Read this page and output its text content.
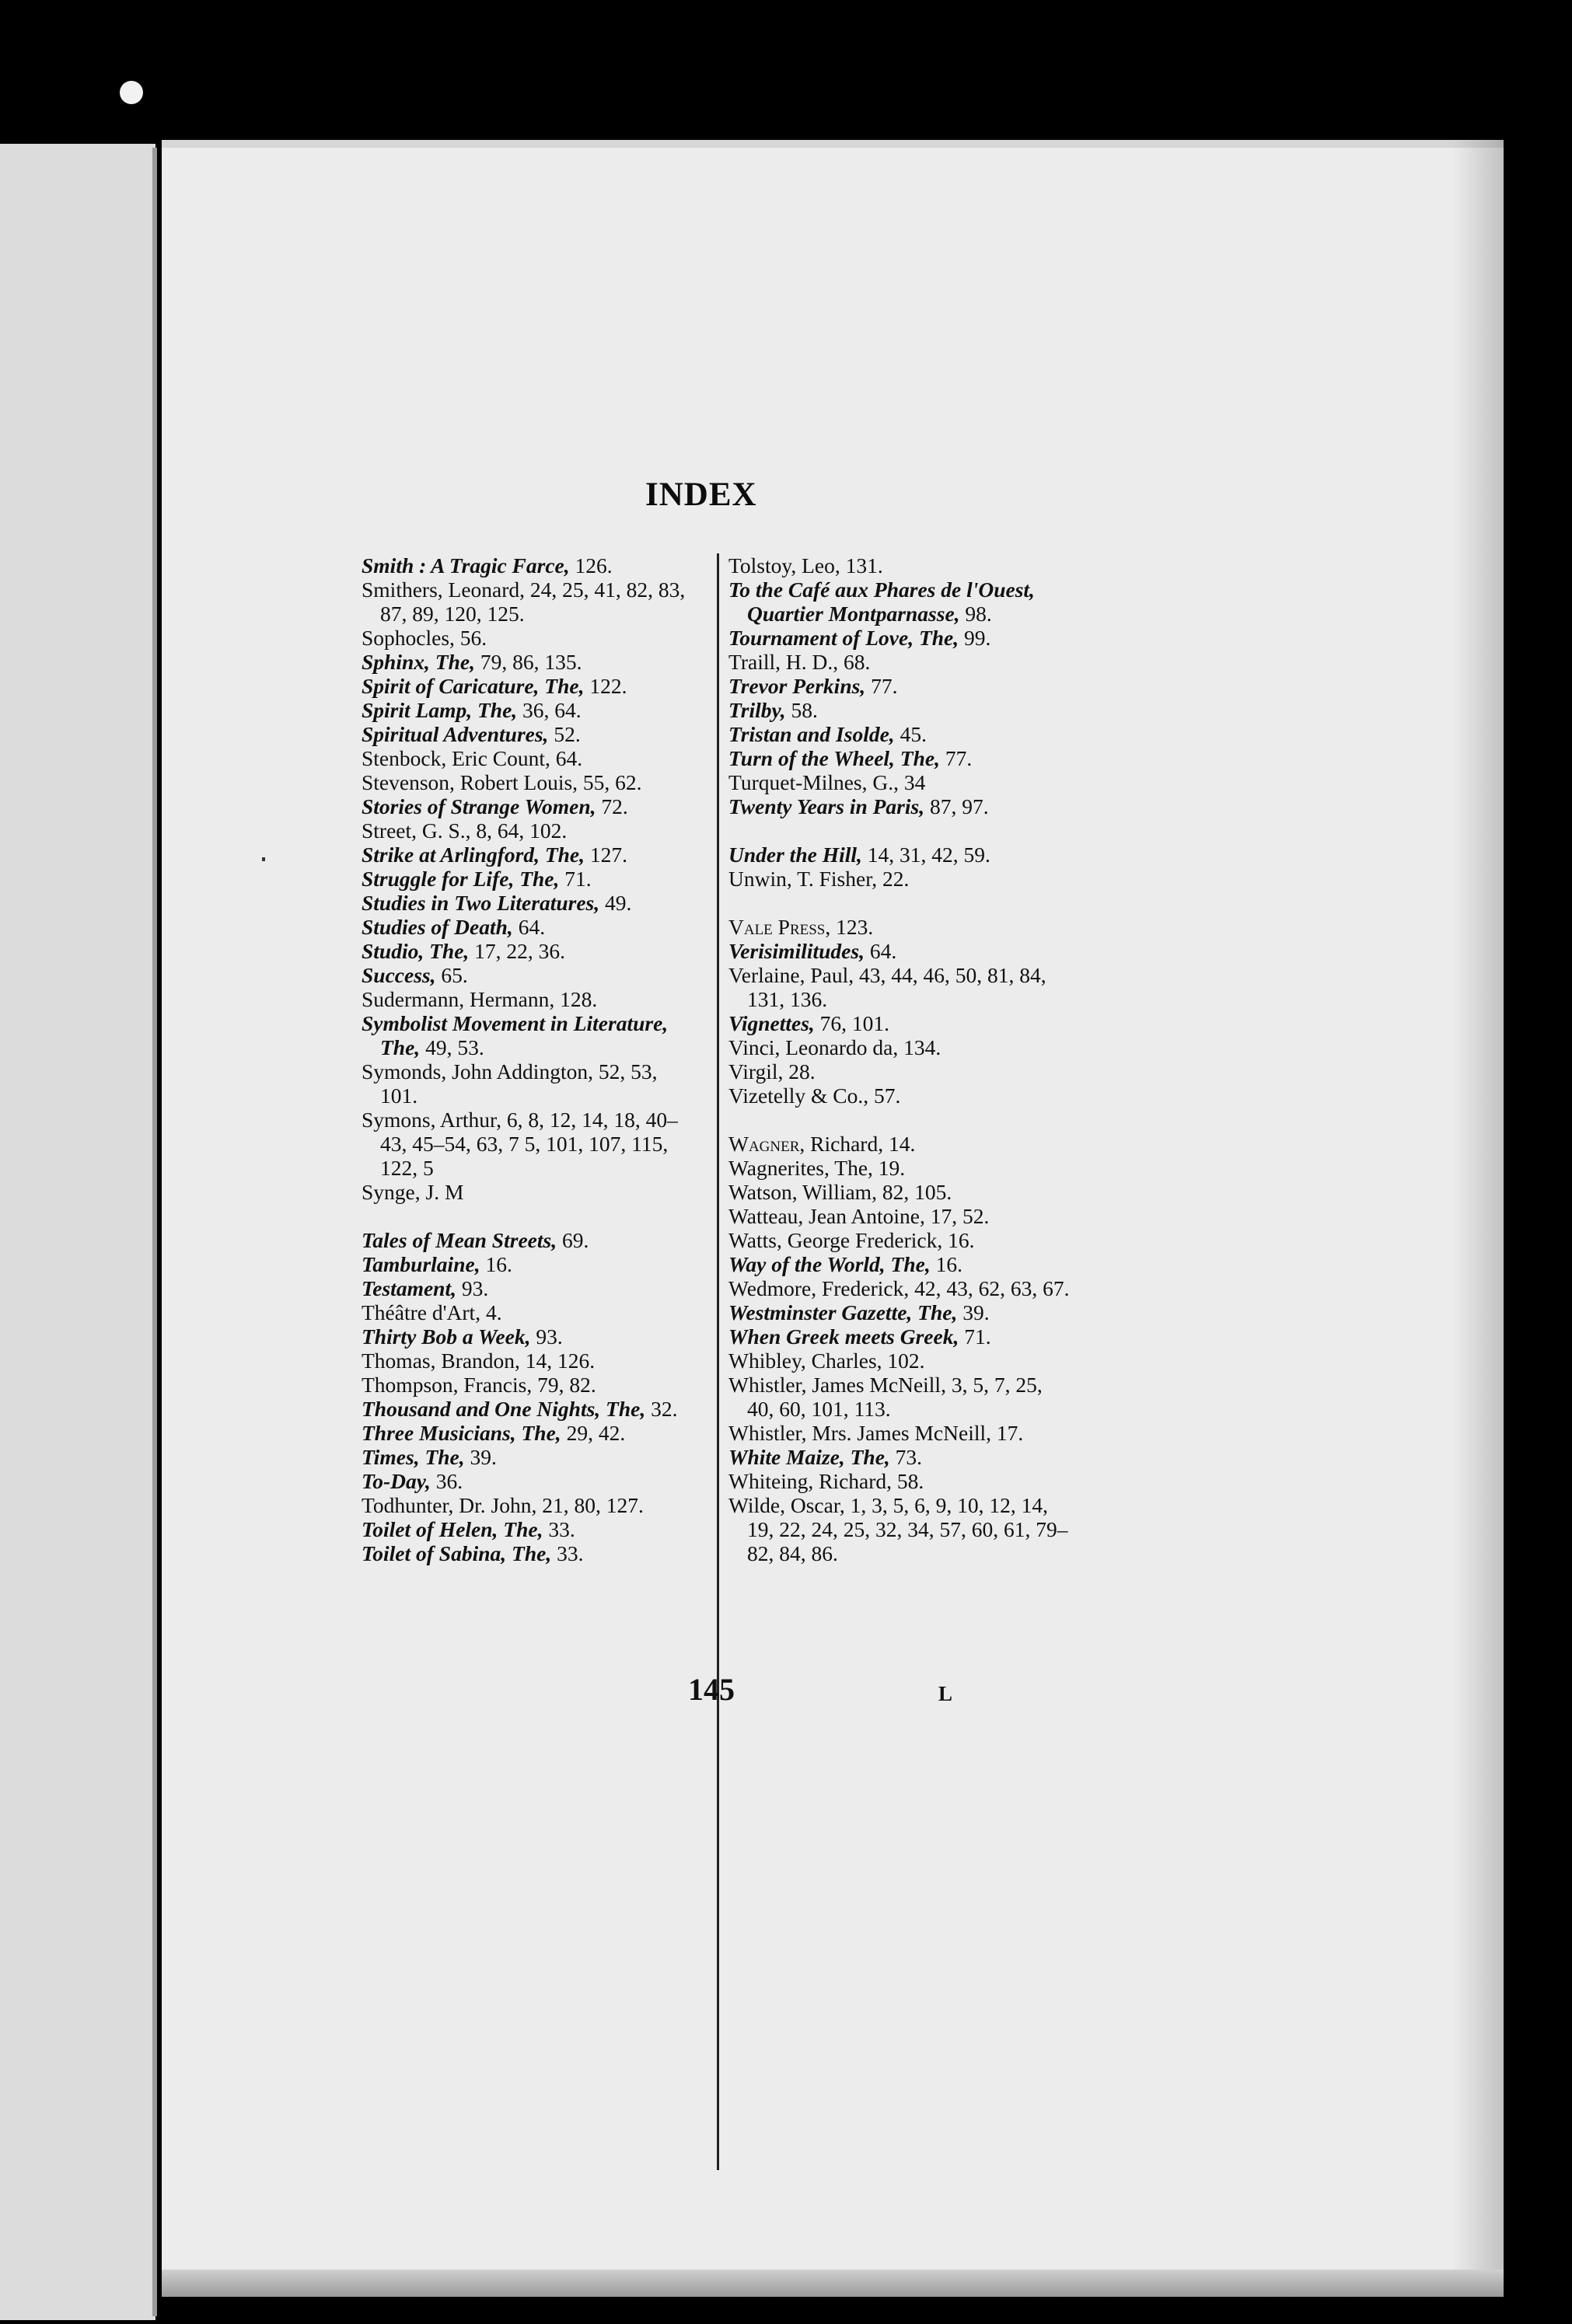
INDEX

Smith : A Tragic Farce, 126.

Smithers, Leonard, 24, 25, 41, 82, 83, 87, 89, 120, 125.

Sophocles, 56.

Sphinx, The, 79, 86, 135.

Spirit of Caricature, The, 122.

Spirit Lamp, The, 36, 64.

Spiritual Adventures, 52.

Stenbock, Eric Count, 64.

Stevenson, Robert Louis, 55, 62.

Stories of Strange Women, 72.

Street, G. S., 8, 64, 102.

Strike at Arlingford, The, 127.

Struggle for Life, The, 71.

Studies in Two Literatures, 49.

Studies of Death, 64.

Studio, The, 17, 22, 36.

Success, 65.

Sudermann, Hermann, 128.

Symbolist Movement in Literature, The, 49, 53.

Symonds, John Addington, 52, 53, 101.

Symons, Arthur, 6, 8, 12, 14, 18, 40–43, 45–54, 63, 7 5, 101, 107, 115, 122, 5

Synge, J. M

Tales of Mean Streets, 69.

Tamburlaine, 16.

Testament, 93.

Théâtre d'Art, 4.

Thirty Bob a Week, 93.

Thomas, Brandon, 14, 126.

Thompson, Francis, 79, 82.

Thousand and One Nights, The, 32.

Three Musicians, The, 29, 42.

Times, The, 39.

To-Day, 36.

Todhunter, Dr. John, 21, 80, 127.

Toilet of Helen, The, 33.

Toilet of Sabina, The, 33.

Tolstoy, Leo, 131.

To the Café aux Phares de l'Ouest, Quartier Montparnasse, 98.

Tournament of Love, The, 99.

Traill, H. D., 68.

Trevor Perkins, 77.

Trilby, 58.

Tristan and Isolde, 45.

Turn of the Wheel, The, 77.

Turquet-Milnes, G., 34

Twenty Years in Paris, 87, 97.

Under the Hill, 14, 31, 42, 59.

Unwin, T. Fisher, 22.

Vale Press, 123.

Verisimilitudes, 64.

Verlaine, Paul, 43, 44, 46, 50, 81, 84, 131, 136.

Vignettes, 76, 101.

Vinci, Leonardo da, 134.

Virgil, 28.

Vizetelly & Co., 57.

Wagner, Richard, 14.

Wagnerites, The, 19.

Watson, William, 82, 105.

Watteau, Jean Antoine, 17, 52.

Watts, George Frederick, 16.

Way of the World, The, 16.

Wedmore, Frederick, 42, 43, 62, 63, 67.

Westminster Gazette, The, 39.

When Greek meets Greek, 71.

Whibley, Charles, 102.

Whistler, James McNeill, 3, 5, 7, 25, 40, 60, 101, 113.

Whistler, Mrs. James McNeill, 17.

White Maize, The, 73.

Whiteing, Richard, 58.

Wilde, Oscar, 1, 3, 5, 6, 9, 10, 12, 14, 19, 22, 24, 25, 32, 34, 57, 60, 61, 79–82, 84, 86.

145	L
